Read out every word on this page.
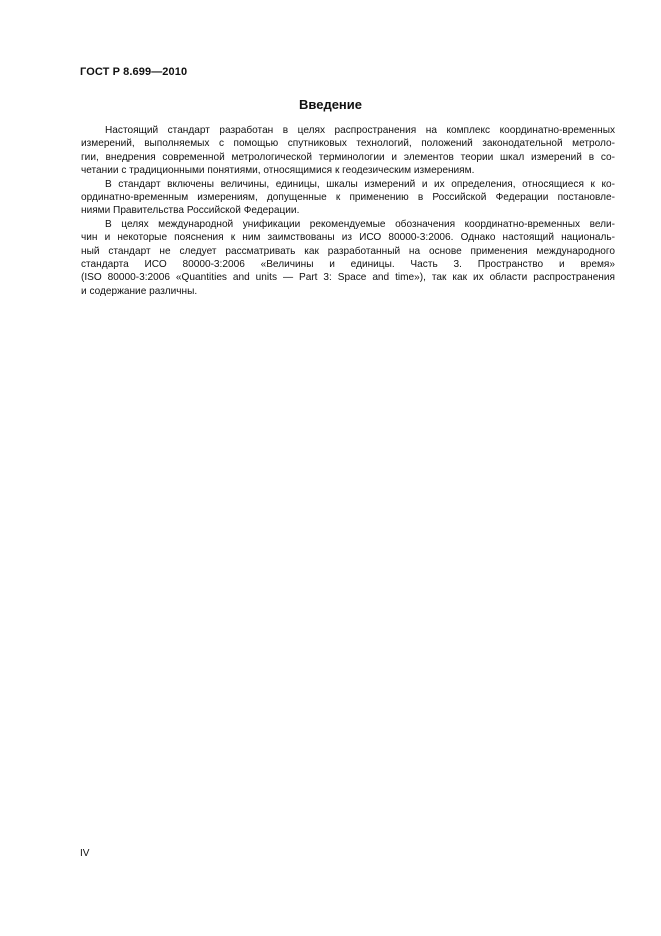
ГОСТ Р 8.699—2010
Введение
Настоящий стандарт разработан в целях распространения на комплекс координатно-временных
измерений, выполняемых с помощью спутниковых технологий, положений законодательной метроло-
гии, внедрения современной метрологической терминологии и элементов теории шкал измерений в со-
четании с традиционными понятиями, относящимися к геодезическим измерениям.
В стандарт включены величины, единицы, шкалы измерений и их определения, относящиеся к ко-
ординатно-временным измерениям, допущенные к применению в Российской Федерации постановле-
ниями Правительства Российской Федерации.
В целях международной унификации рекомендуемые обозначения координатно-временных вели-
чин и некоторые пояснения к ним заимствованы из ИСО 80000-3:2006. Однако настоящий националь-
ный стандарт не следует рассматривать как разработанный на основе применения международного
стандарта ИСО 80000-3:2006 «Величины и единицы. Часть 3. Пространство и время»
(ISO 80000-3:2006 «Quantities and units — Part 3: Space and time»), так как их области распространения
и содержание различны.
IV
